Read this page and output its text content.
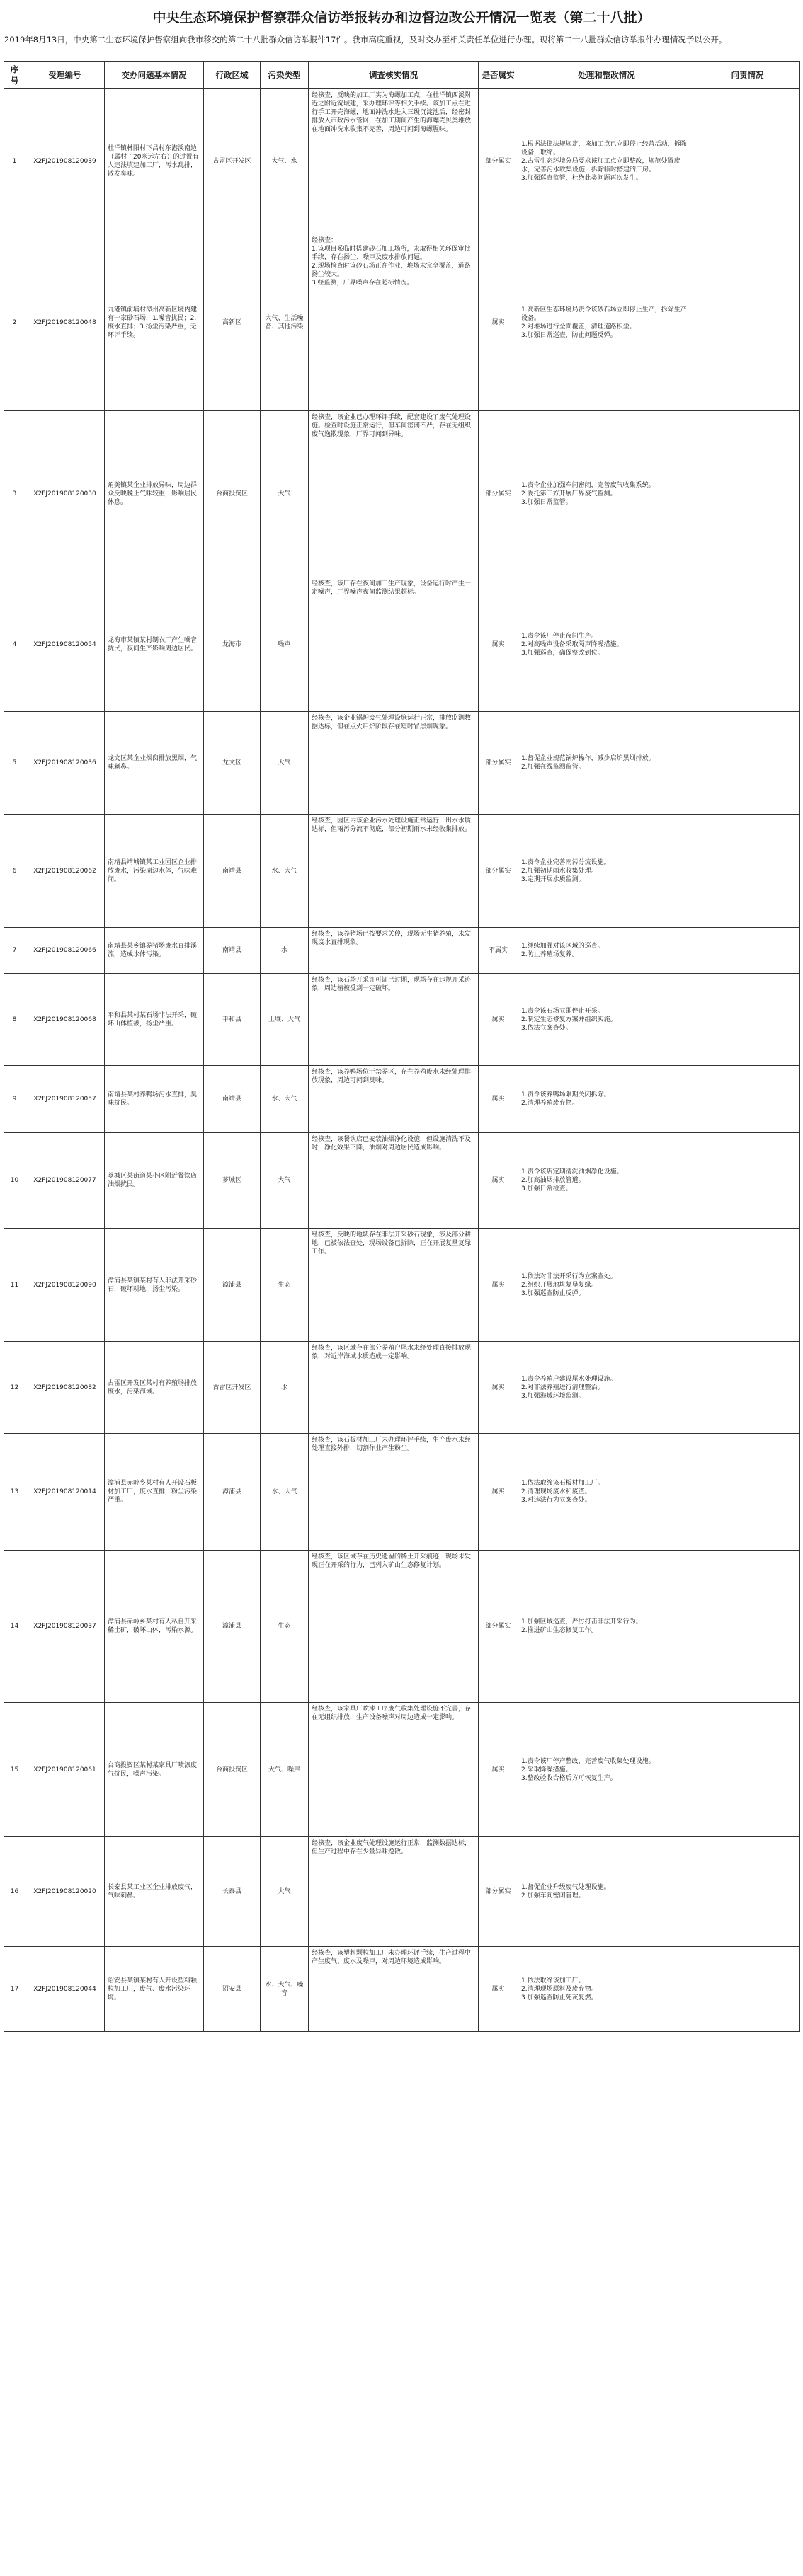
中央生态环境保护督察群众信访举报转办和边督边改公开情况一览表（第二十八批）
2019年8月13日，中央第二生态环境保护督察组向我市移交的第二十八批群众信访举报件17件。我市高度重视，及时交办至相关责任单位进行办理。现将第二十八批群众信访举报件办理情况予以公开。
序号	受理编号	交办问题基本情况	行政区域	污染类型	调查核实情况	是否属实	处理和整改情况	问责情况
1	X2FJ201908120039	杜洋镇林阳村下吕村东港溪南边（属村子20米远左右）的过置有人违法填建加工厂，污水乱排，散发臭味。	古雷区开发区	大气、水	经核查，反映的加工厂实为海螺加工点，在杜洋镇西溪附近之附近宽域建，采办理环评等相关手续。该加工点在进行手工开壳海螺，地面冲洗水进入三级沉淀池后，经密封排放入市政污水管网，在加工期间产生的海螺壳贝类堆放在地面冲洗水收集不完善，周边可闻到海螺腥味。	部分属实	1.根据法律法规规定，该加工点已立即停止经营活动，拆除设备，取缔。
2.古雷生态环境分局要求该加工点立即整改，规范处置废水，完善污水收集设施，拆除临时搭建的厂房。
3.加强巡查监管，杜绝此类问题再次发生。	
2	X2FJ201908120048	九港镇前埔村漳州高新区境内建有一家砂石场，1.噪音扰民；2.废水直排；3.扬尘污染严重，无环评手续。	高新区	大气、生活噪音、其他污染	经核查：
1.该项目系临时搭建砂石加工场所，未取得相关环保审批手续，存在扬尘、噪声及废水排放问题。
2.现场检查时该砂石场正在作业，堆场未完全覆盖，道路扬尘较大。
3.经监测，厂界噪声存在超标情况。	属实	1.高新区生态环境局责令该砂石场立即停止生产，拆除生产设备。
2.对堆场进行全面覆盖，清理道路积尘。
3.加强日常巡查，防止问题反弹。	
3	X2FJ201908120030	角美镇某企业排放异味，周边群众反映晚上气味较重，影响居民休息。	台商投资区	大气	经核查，该企业已办理环评手续，配套建设了废气处理设施。检查时设施正常运行，但车间密闭不严，存在无组织废气逸散现象，厂界可闻到异味。	部分属实	1.责令企业加强车间密闭，完善废气收集系统。
2.委托第三方开展厂界废气监测。
3.加强日常监管。	
4	X2FJ201908120054	龙海市某镇某村制衣厂产生噪音扰民，夜间生产影响周边居民。	龙海市	噪声	经核查，该厂存在夜间加工生产现象，设备运行时产生一定噪声，厂界噪声夜间监测结果超标。	属实	1.责令该厂停止夜间生产。
2.对高噪声设备采取隔声降噪措施。
3.加强巡查，确保整改到位。	
5	X2FJ201908120036	龙文区某企业烟囱排放黑烟，气味刺鼻。	龙文区	大气	经核查，该企业锅炉废气处理设施运行正常，排放监测数据达标，但在点火启炉阶段存在短时冒黑烟现象。	部分属实	1.督促企业规范锅炉操作，减少启炉黑烟排放。
2.加强在线监测监管。	
6	X2FJ201908120062	南靖县靖城镇某工业园区企业排放废水，污染周边水体，气味难闻。	南靖县	水、大气	经核查，园区内该企业污水处理设施正常运行，出水水质达标，但雨污分流不彻底，部分初期雨水未经收集排放。	部分属实	1.责令企业完善雨污分流设施。
2.加强初期雨水收集处理。
3.定期开展水质监测。	
7	X2FJ201908120066	南靖县某乡镇养猪场废水直排溪流，造成水体污染。	南靖县	水	经核查，该养猪场已按要求关停，现场无生猪养殖，未发现废水直排现象。	不属实	1.继续加强对该区域的巡查。
2.防止养殖场复养。	
8	X2FJ201908120068	平和县某村某石场非法开采，破坏山体植被，扬尘严重。	平和县	土壤、大气	经核查，该石场开采许可证已过期，现场存在违规开采迹象，周边植被受到一定破坏。	属实	1.责令该石场立即停止开采。
2.制定生态修复方案并组织实施。
3.依法立案查处。	
9	X2FJ201908120057	南靖县某村养鸭场污水直排，臭味扰民。	南靖县	水、大气	经核查，该养鸭场位于禁养区，存在养殖废水未经处理排放现象，周边可闻到臭味。	属实	1.责令该养鸭场限期关闭拆除。
2.清理养殖废弃物。	
10	X2FJ201908120077	芗城区某街道某小区附近餐饮店油烟扰民。	芗城区	大气	经核查，该餐饮店已安装油烟净化设施，但设施清洗不及时，净化效果下降，油烟对周边居民造成影响。	属实	1.责令该店定期清洗油烟净化设施。
2.加高油烟排放管道。
3.加强日常检查。	
11	X2FJ201908120090	漳浦县某镇某村有人非法开采砂石，破坏耕地，扬尘污染。	漳浦县	生态	经核查，反映的地块存在非法开采砂石现象，涉及部分耕地，已被依法查处，现场设备已拆除，正在开展复垦复绿工作。	属实	1.依法对非法开采行为立案查处。
2.组织开展地块复垦复绿。
3.加强巡查防止反弹。	
12	X2FJ201908120082	古雷区开发区某村有养殖场排放废水，污染海域。	古雷区开发区	水	经核查，该区域存在部分养殖户尾水未经处理直接排放现象，对近岸海域水质造成一定影响。	属实	1.责令养殖户建设尾水处理设施。
2.对非法养殖进行清理整治。
3.加强海域环境监测。	
13	X2FJ201908120014	漳浦县赤岭乡某村有人开设石板材加工厂，废水直排，粉尘污染严重。	漳浦县	水、大气	经核查，该石板材加工厂未办理环评手续，生产废水未经处理直接外排，切割作业产生粉尘。	属实	1.依法取缔该石板材加工厂。
2.清理现场废水和废渣。
3.对违法行为立案查处。	
14	X2FJ201908120037	漳浦县赤岭乡某村有人私自开采稀土矿，破坏山体，污染水源。	漳浦县	生态	经核查，该区域存在历史遗留的稀土开采痕迹，现场未发现正在开采的行为，已列入矿山生态修复计划。	部分属实	1.加强区域巡查，严厉打击非法开采行为。
2.推进矿山生态修复工作。	
15	X2FJ201908120061	台商投资区某村某家具厂喷漆废气扰民，噪声污染。	台商投资区	大气、噪声	经核查，该家具厂喷漆工序废气收集处理设施不完善，存在无组织排放，生产设备噪声对周边造成一定影响。	属实	1.责令该厂停产整改，完善废气收集处理设施。
2.采取降噪措施。
3.整改验收合格后方可恢复生产。	
16	X2FJ201908120020	长泰县某工业区企业排放废气，气味刺鼻。	长泰县	大气	经核查，该企业废气处理设施运行正常，监测数据达标，但生产过程中存在少量异味逸散。	部分属实	1.督促企业升级废气处理设施。
2.加强车间密闭管理。	
17	X2FJ201908120044	诏安县某镇某村有人开设塑料颗粒加工厂，废气、废水污染环境。	诏安县	水、大气、噪音	经核查，该塑料颗粒加工厂未办理环评手续，生产过程中产生废气、废水及噪声，对周边环境造成影响。	属实	1.依法取缔该加工厂。
2.清理现场原料及废弃物。
3.加强巡查防止死灰复燃。	
